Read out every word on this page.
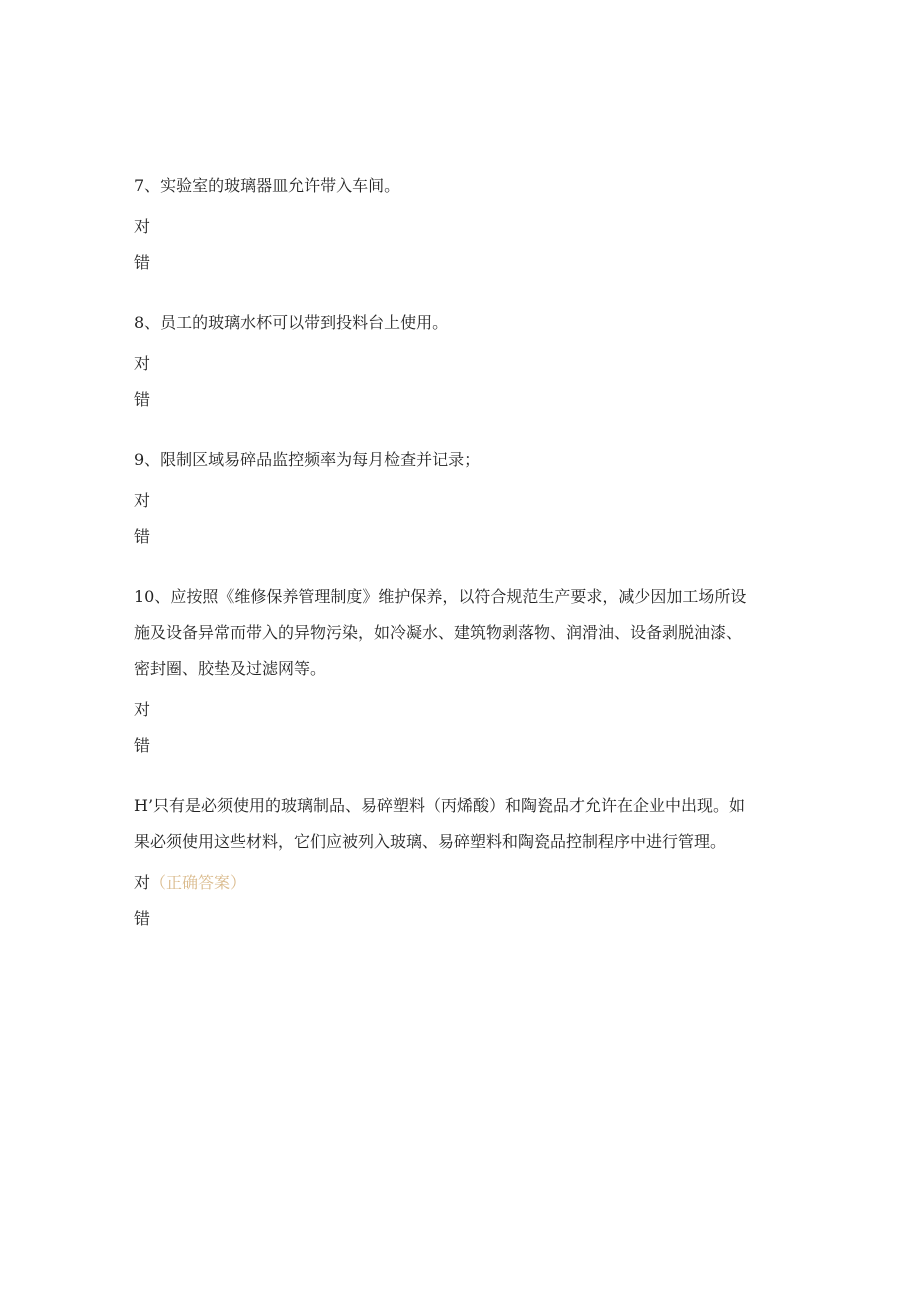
7、实验室的玻璃器皿允许带入车间。

对

错

8、员工的玻璃水杯可以带到投料台上使用。

对

错

9、限制区域易碎品监控频率为每月检查并记录；

对

错

10、应按照《维修保养管理制度》维护保养，以符合规范生产要求，减少因加工场所设

施及设备异常而带入的异物污染，如冷凝水、建筑物剥落物、润滑油、设备剥脱油漆、

密封圈、胶垫及过滤网等。

对

错

H’只有是必须使用的玻璃制品、易碎塑料（丙烯酸）和陶瓷品才允许在企业中出现。如

果必须使用这些材料，它们应被列入玻璃、易碎塑料和陶瓷品控制程序中进行管理。

对（正确答案）

错
